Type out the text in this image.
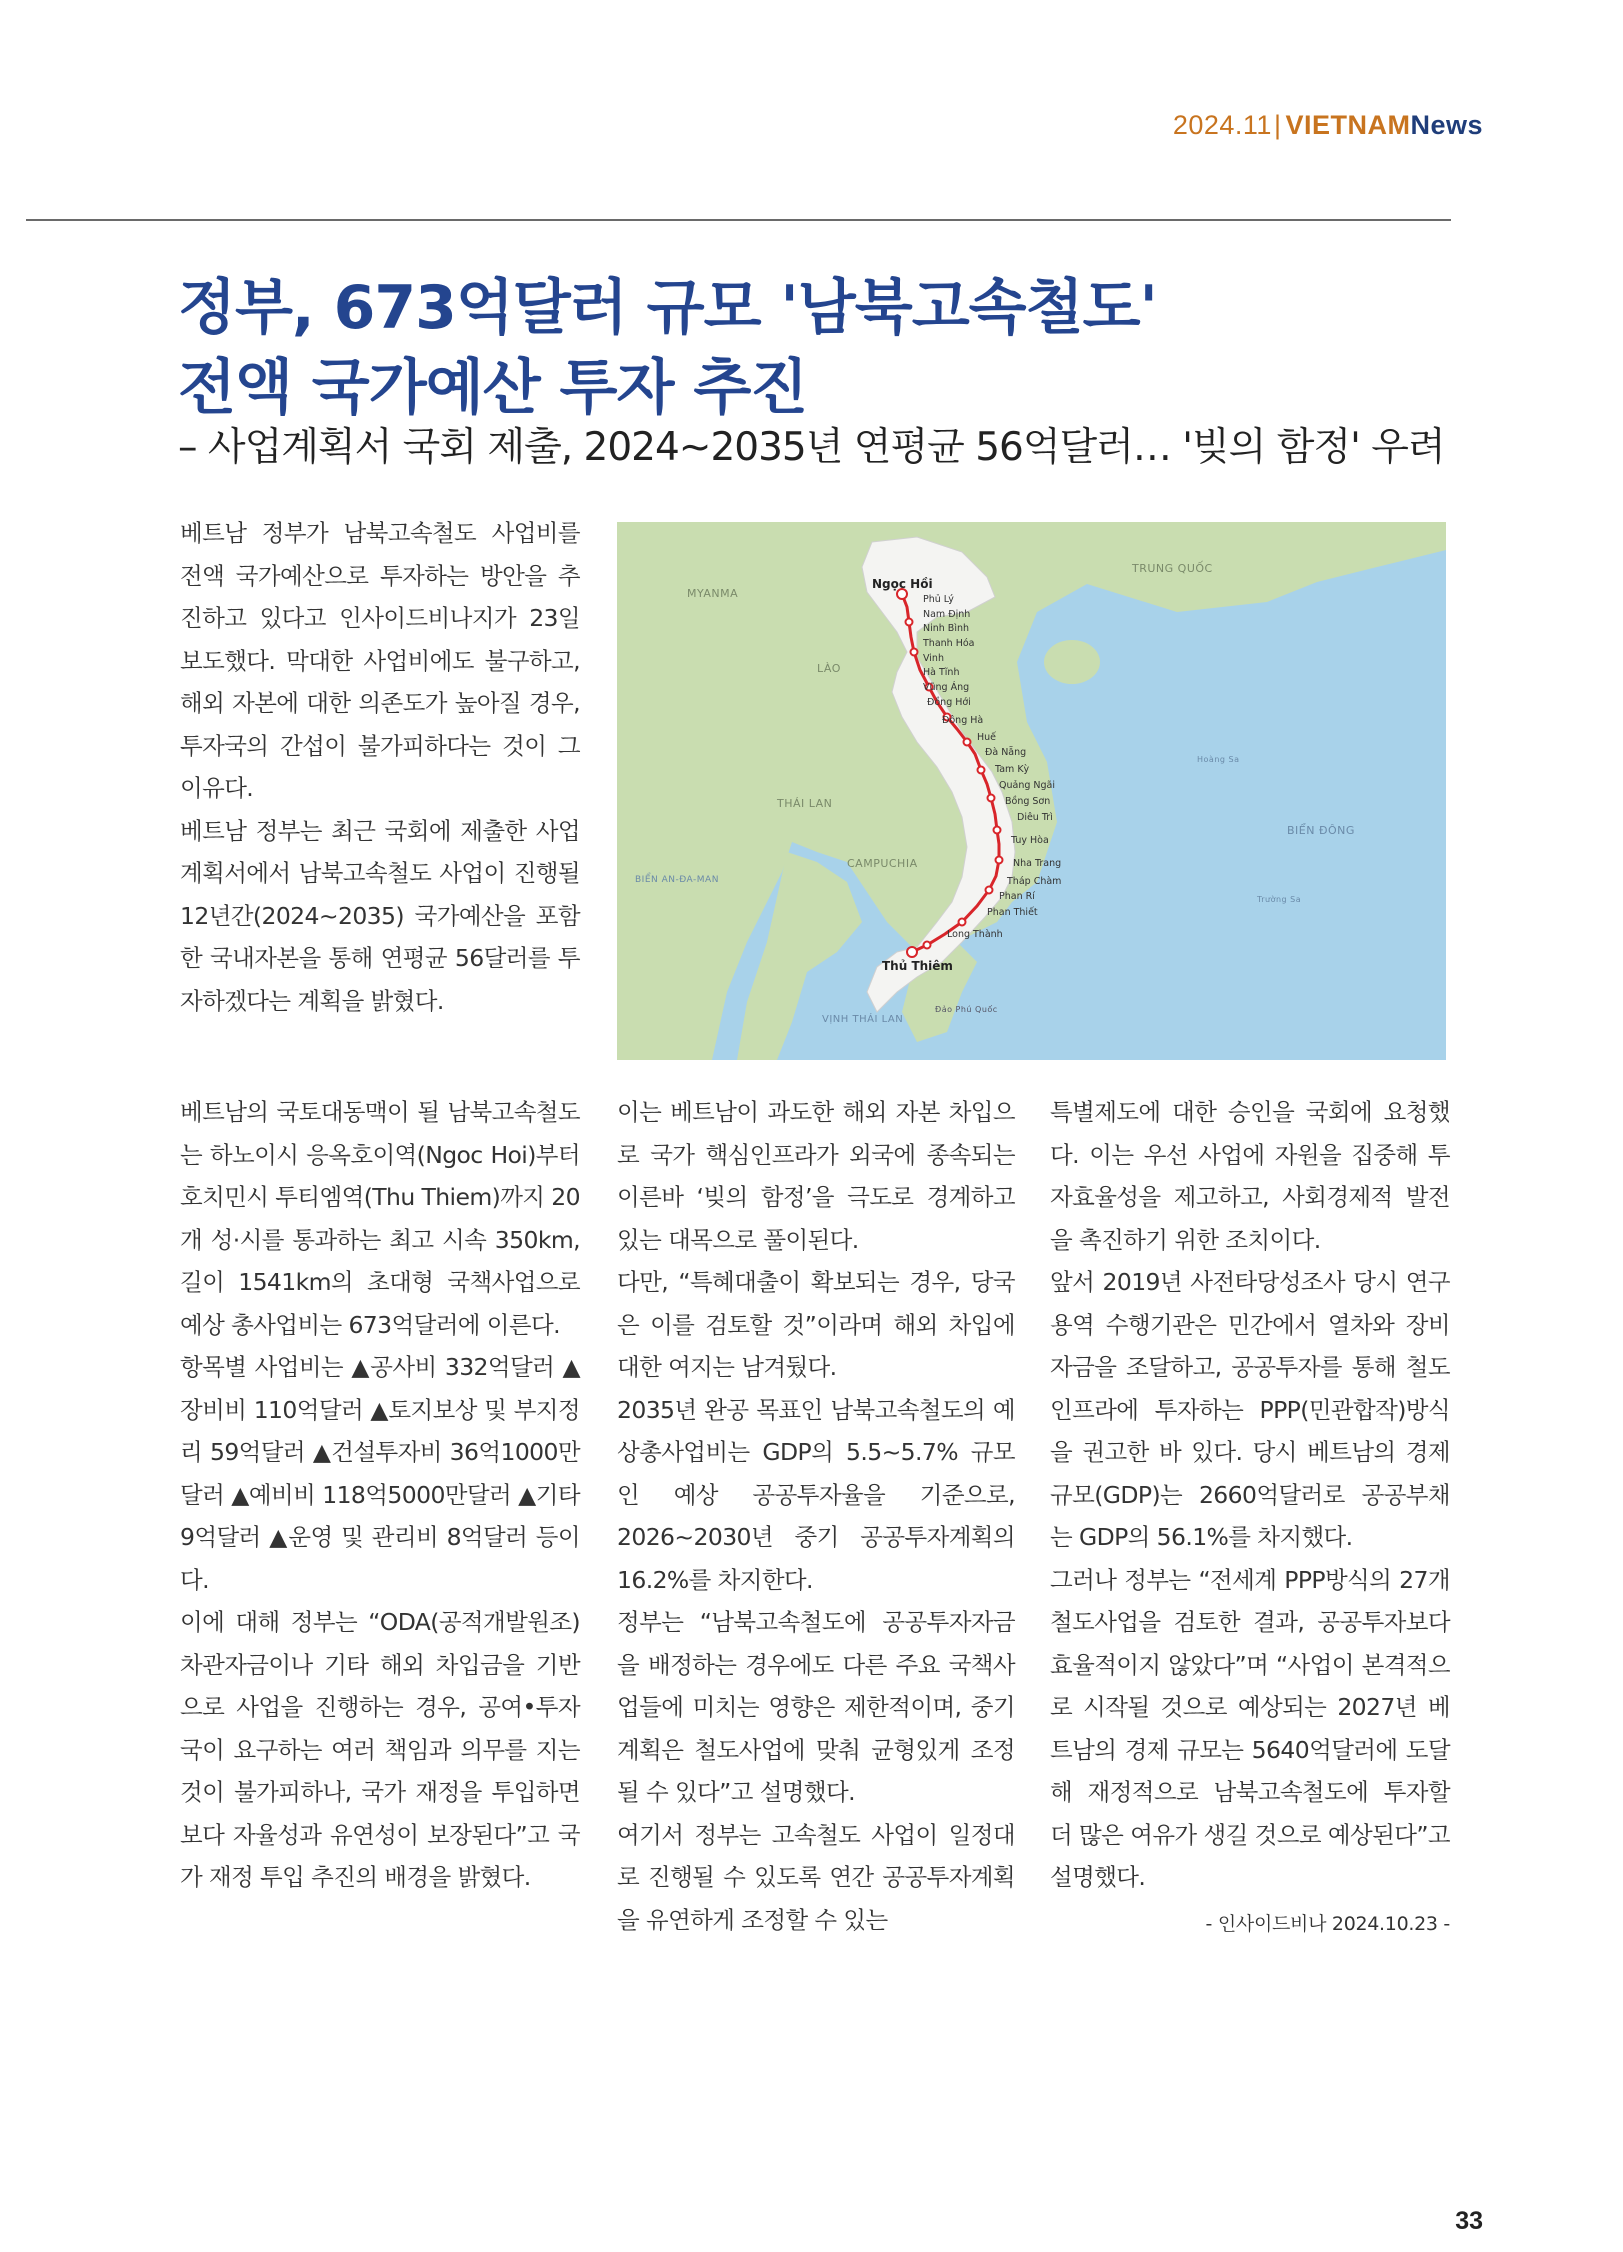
2024.11| VIETNAMNews
정부, 673억달러 규모 '남북고속철도'
전액 국가예산 투자 추진
– 사업계획서 국회 제출, 2024~2035년 연평균 56억달러… '빚의 함정' 우려

베트남 정부가 남북고속철도 사업비를 전액 국가예산으로 투자하는 방안을 추진하고 있다고 인사이드비나지가 23일 보도했다. 막대한 사업비에도 불구하고, 해외 자본에 대한 의존도가 높아질 경우, 투자국의 간섭이 불가피하다는 것이 그 이유다.

베트남 정부는 최근 국회에 제출한 사업계획서에서 남북고속철도 사업이 진행될 12년간(2024~2035) 국가예산을 포함한 국내자본을 통해 연평균 56달러를 투자하겠다는 계획을 밝혔다.

TRUNG QUỐC
MYANMA
LÀO
THÁI LAN
CAMPUCHIA
BIỂN ĐÔNG
BIỂN AN-ĐA-MAN
VỊNH THÁI LAN
Đảo Phú Quốc
Hoàng Sa
Trường Sa
Ngọc Hồi
Thủ Thiêm
Phủ Lý
Nam Định
Ninh Bình
Thanh Hóa
Vinh
Hà Tĩnh
Vũng Áng
Đồng Hới
Đông Hà
Huế
Đà Nẵng
Tam Kỳ
Quảng Ngãi
Bồng Sơn
Diêu Trì
Tuy Hòa
Nha Trang
Tháp Chàm
Phan Rí
Phan Thiết
Long Thành

베트남의 국토대동맥이 될 남북고속철도는 하노이시 응옥호이역(Ngoc Hoi)부터 호치민시 투티엠역(Thu Thiem)까지 20개 성·시를 통과하는 최고 시속 350km, 길이 1541km의 초대형 국책사업으로 예상 총사업비는 673억달러에 이른다.

항목별 사업비는 ▲공사비 332억달러 ▲장비비 110억달러 ▲토지보상 및 부지정리 59억달러 ▲건설투자비 36억1000만달러 ▲예비비 118억5000만달러 ▲기타 9억달러 ▲운영 및 관리비 8억달러 등이다.

이에 대해 정부는 “ODA(공적개발원조) 차관자금이나 기타 해외 차입금을 기반으로 사업을 진행하는 경우, 공여•투자국이 요구하는 여러 책임과 의무를 지는 것이 불가피하나, 국가 재정을 투입하면 보다 자율성과 유연성이 보장된다”고 국가 재정 투입 추진의 배경을 밝혔다.

이는 베트남이 과도한 해외 자본 차입으로 국가 핵심인프라가 외국에 종속되는 이른바 ‘빚의 함정’을 극도로 경계하고 있는 대목으로 풀이된다.

다만, “특혜대출이 확보되는 경우, 당국은 이를 검토할 것”이라며 해외 차입에 대한 여지는 남겨뒀다.

2035년 완공 목표인 남북고속철도의 예상총사업비는 GDP의 5.5~5.7% 규모인 예상 공공투자율을 기준으로, 2026~2030년 중기 공공투자계획의 16.2%를 차지한다.

정부는 “남북고속철도에 공공투자자금을 배정하는 경우에도 다른 주요 국책사업들에 미치는 영향은 제한적이며, 중기 계획은 철도사업에 맞춰 균형있게 조정될 수 있다”고 설명했다.

여기서 정부는 고속철도 사업이 일정대로 진행될 수 있도록 연간 공공투자계획을 유연하게 조정할 수 있는

특별제도에 대한 승인을 국회에 요청했다. 이는 우선 사업에 자원을 집중해 투자효율성을 제고하고, 사회경제적 발전을 촉진하기 위한 조치이다.

앞서 2019년 사전타당성조사 당시 연구용역 수행기관은 민간에서 열차와 장비 자금을 조달하고, 공공투자를 통해 철도 인프라에 투자하는 PPP(민관합작)방식을 권고한 바 있다. 당시 베트남의 경제 규모(GDP)는 2660억달러로 공공부채는 GDP의 56.1%를 차지했다.

그러나 정부는 “전세계 PPP방식의 27개 철도사업을 검토한 결과, 공공투자보다 효율적이지 않았다”며 “사업이 본격적으로 시작될 것으로 예상되는 2027년 베트남의 경제 규모는 5640억달러에 도달해 재정적으로 남북고속철도에 투자할 더 많은 여유가 생길 것으로 예상된다”고 설명했다.

- 인사이드비나 2024.10.23 -

33
